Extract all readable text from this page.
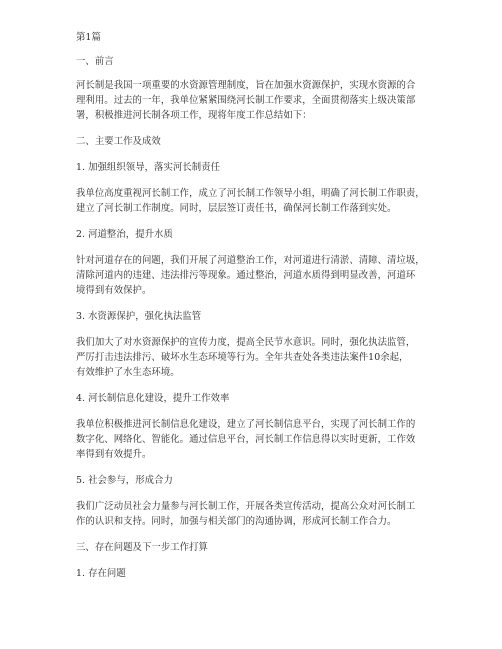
第1篇

一、前言

河长制是我国一项重要的水资源管理制度，旨在加强水资源保护，实现水资源的合

理利用。过去的一年，我单位紧紧围绕河长制工作要求，全面贯彻落实上级决策部

署，积极推进河长制各项工作，现将年度工作总结如下：

二、主要工作及成效

1. 加强组织领导，落实河长制责任

我单位高度重视河长制工作，成立了河长制工作领导小组，明确了河长制工作职责，

建立了河长制工作制度。同时，层层签订责任书，确保河长制工作落到实处。

2. 河道整治，提升水质

针对河道存在的问题，我们开展了河道整治工作，对河道进行清淤、清障、清垃圾，

清除河道内的违建、违法排污等现象。通过整治，河道水质得到明显改善，河道环

境得到有效保护。

3. 水资源保护，强化执法监管

我们加大了对水资源保护的宣传力度，提高全民节水意识。同时，强化执法监管，

严厉打击违法排污、破坏水生态环境等行为。全年共查处各类违法案件10余起，

有效维护了水生态环境。

4. 河长制信息化建设，提升工作效率

我单位积极推进河长制信息化建设，建立了河长制信息平台，实现了河长制工作的

数字化、网络化、智能化。通过信息平台，河长制工作信息得以实时更新，工作效

率得到有效提升。

5. 社会参与，形成合力

我们广泛动员社会力量参与河长制工作，开展各类宣传活动，提高公众对河长制工

作的认识和支持。同时，加强与相关部门的沟通协调，形成河长制工作合力。

三、存在问题及下一步工作打算

1. 存在问题
